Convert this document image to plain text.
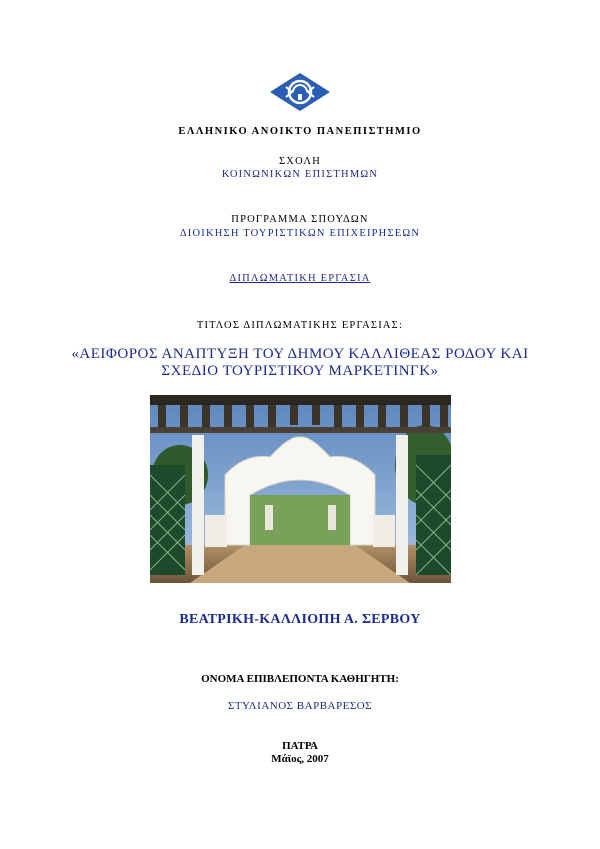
ΕΛΛΗΝΙΚΟ ΑΝΟΙΚΤΟ ΠΑΝΕΠΙΣΤΗΜΙΟ
ΣΧΟΛΗ
ΚΟΙΝΩΝΙΚΩΝ ΕΠΙΣΤΗΜΩΝ
ΠΡΟΓΡΑΜΜΑ ΣΠΟΥΔΩΝ
ΔΙΟΙΚΗΣΗ ΤΟΥΡΙΣΤΙΚΩΝ ΕΠΙΧΕΙΡΗΣΕΩΝ
ΔΙΠΛΩΜΑΤΙΚΗ ΕΡΓΑΣΙΑ
ΤΙΤΛΟΣ ΔΙΠΛΩΜΑΤΙΚΗΣ ΕΡΓΑΣΙΑΣ:
«ΑΕΙΦΟΡΟΣ ΑΝΑΠΤΥΞΗ ΤΟΥ ΔΗΜΟΥ ΚΑΛΛΙΘΕΑΣ ΡΟΔΟΥ ΚΑΙ
ΣΧΕΔΙΟ ΤΟΥΡΙΣΤΙΚΟΥ ΜΑΡΚΕΤΙΝΓΚ»
ΒΕΑΤΡΙΚΗ-ΚΑΛΛΙΟΠΗ Α. ΣΕΡΒΟΥ
ΟΝΟΜΑ ΕΠΙΒΛΕΠΟΝΤΑ ΚΑΘΗΓΗΤΗ:
ΣΤΥΛΙΑΝΟΣ ΒΑΡΒΑΡΕΣΟΣ
ΠΑΤΡΑ
Μάϊος, 2007
